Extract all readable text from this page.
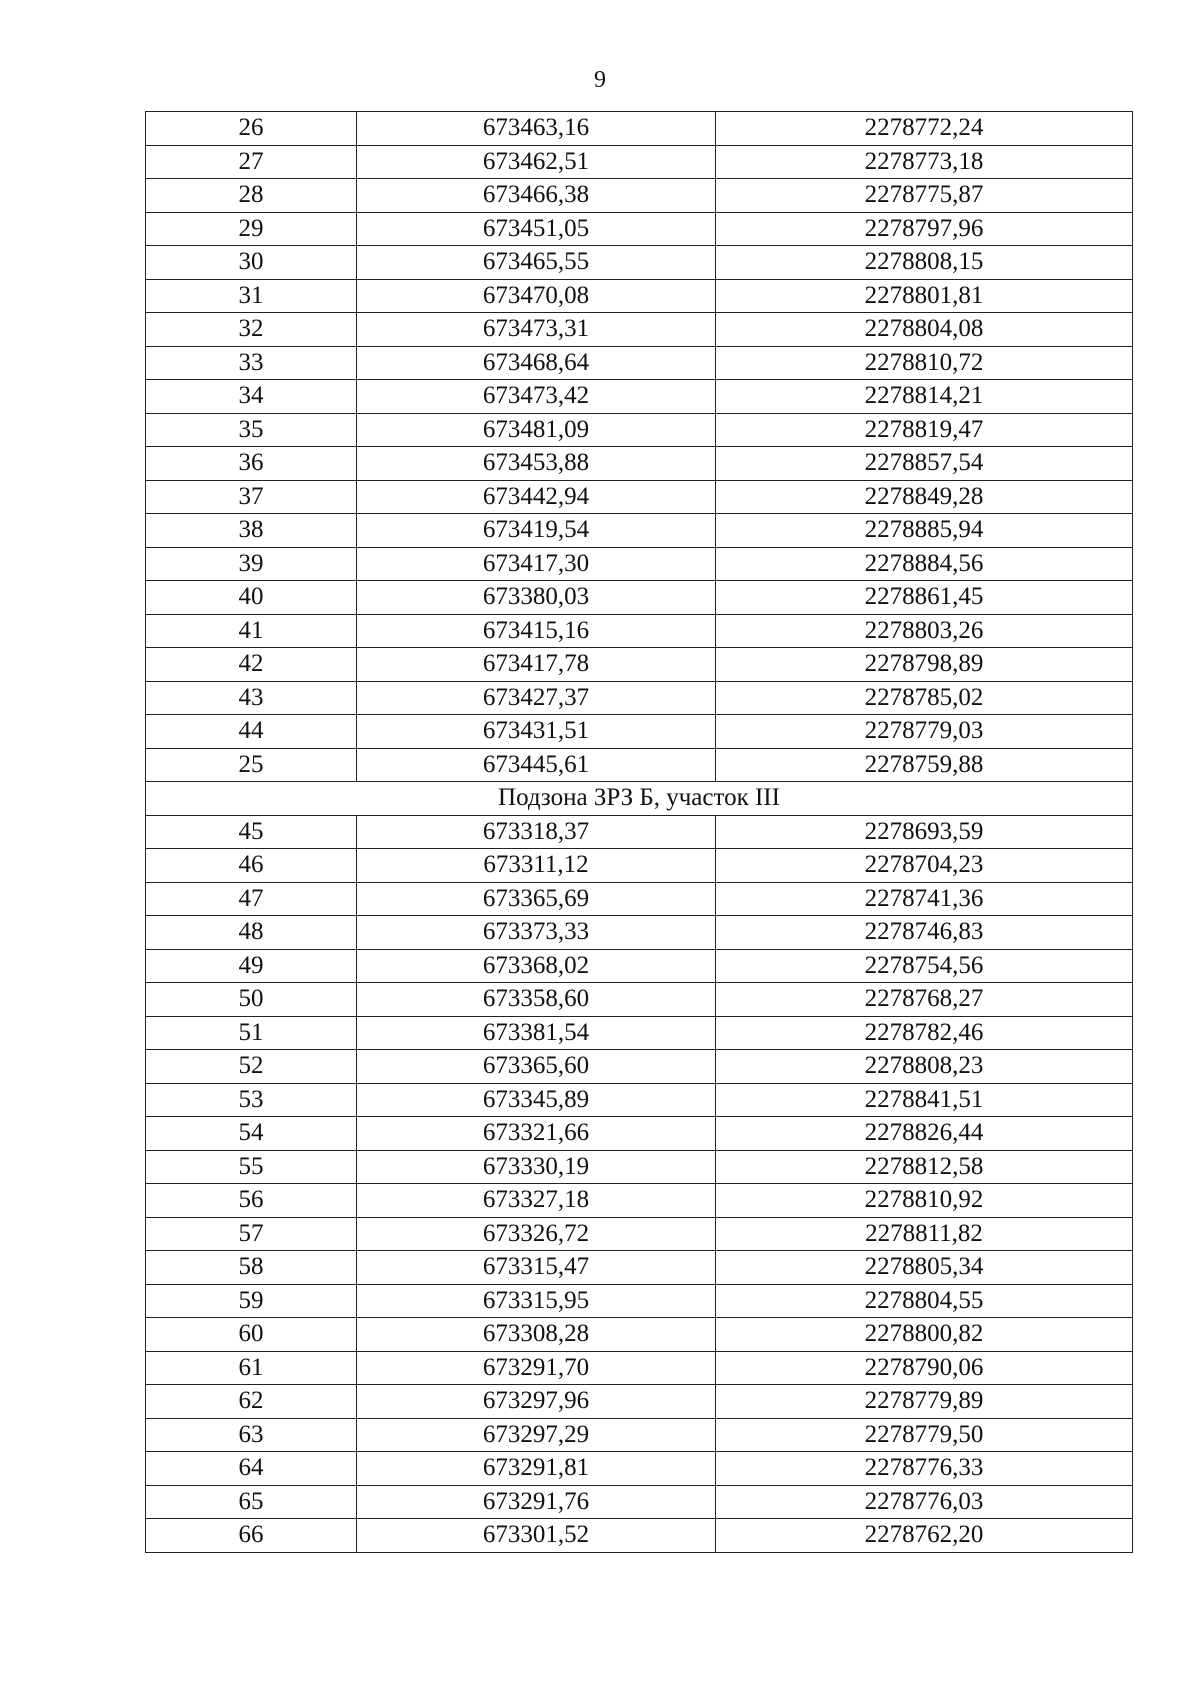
9
26	673463,16	2278772,24
27	673462,51	2278773,18
28	673466,38	2278775,87
29	673451,05	2278797,96
30	673465,55	2278808,15
31	673470,08	2278801,81
32	673473,31	2278804,08
33	673468,64	2278810,72
34	673473,42	2278814,21
35	673481,09	2278819,47
36	673453,88	2278857,54
37	673442,94	2278849,28
38	673419,54	2278885,94
39	673417,30	2278884,56
40	673380,03	2278861,45
41	673415,16	2278803,26
42	673417,78	2278798,89
43	673427,37	2278785,02
44	673431,51	2278779,03
25	673445,61	2278759,88
Подзона ЗРЗ Б, участок III		
45	673318,37	2278693,59
46	673311,12	2278704,23
47	673365,69	2278741,36
48	673373,33	2278746,83
49	673368,02	2278754,56
50	673358,60	2278768,27
51	673381,54	2278782,46
52	673365,60	2278808,23
53	673345,89	2278841,51
54	673321,66	2278826,44
55	673330,19	2278812,58
56	673327,18	2278810,92
57	673326,72	2278811,82
58	673315,47	2278805,34
59	673315,95	2278804,55
60	673308,28	2278800,82
61	673291,70	2278790,06
62	673297,96	2278779,89
63	673297,29	2278779,50
64	673291,81	2278776,33
65	673291,76	2278776,03
66	673301,52	2278762,20
